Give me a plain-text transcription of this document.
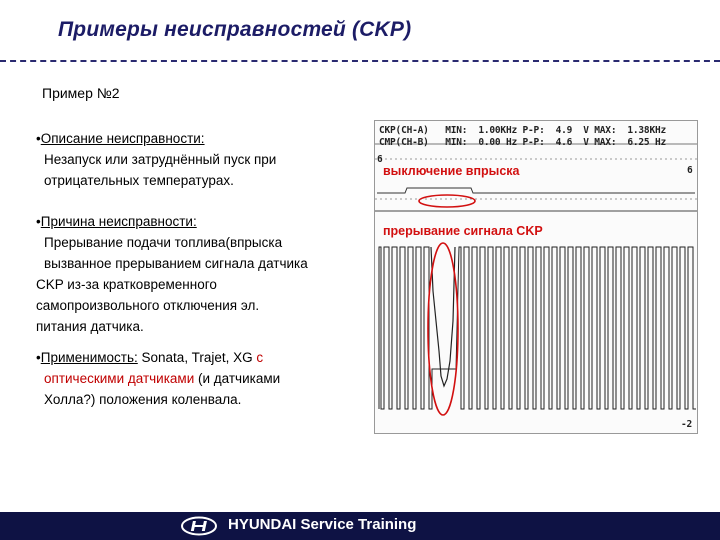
Примеры неисправностей (CKP)
Пример №2
•Описание неисправности:
Незапуск или затруднённый пуск при
отрицательных температурах.
•Причина неисправности:
Прерывание подачи топлива(впрыска
вызванное прерыванием сигнала датчика
CKP из-за кратковременного
самопроизвольного отключения эл.
питания датчика.
•Применимость: Sonata, Trajet, XG с
оптическими датчиками (и датчиками
Холла?) положения коленвала.
CKP(CH-A)   MIN:  1.00KHz P-P:  4.9  V MAX:  1.38KHz
CMP(CH-B)   MIN:  0.00 Hz P-P:  4.6  V MAX:  6.25 Hz
выключение впрыска
прерывание сигнала CKP
6
6
-2
HYUNDAI Service Training
